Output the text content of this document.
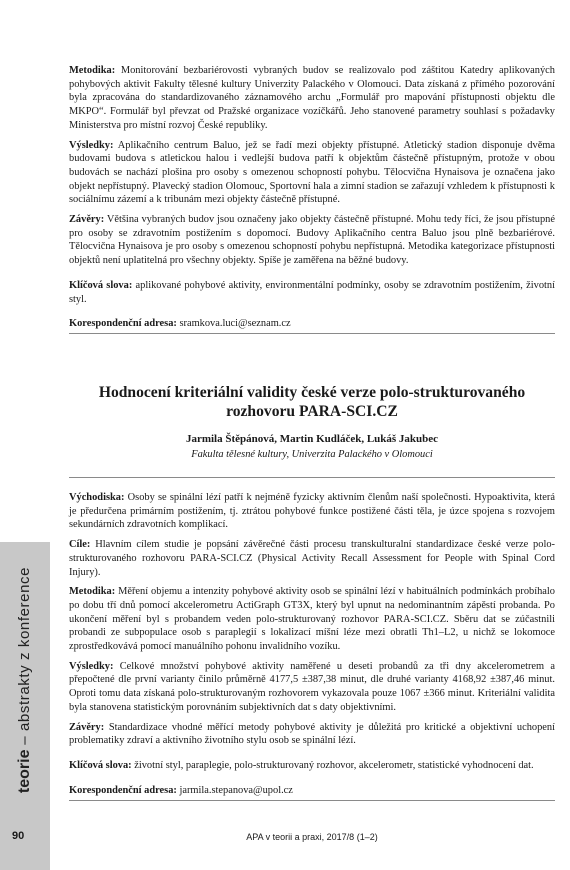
Metodika: Monitorování bezbariérovosti vybraných budov se realizovalo pod záštitou Katedry aplikovaných pohybových aktivit Fakulty tělesné kultury Univerzity Palackého v Olomouci. Data získaná z přímého pozorování byla zpracována do standardizovaného záznamového archu „Formulář pro mapování přístupnosti objektu dle MKPO“. Formulář byl převzat od Pražské organizace vozíčkářů. Jeho stanovené parametry souhlasí s požadavky Ministerstva pro místní rozvoj České republiky.

Výsledky: Aplikačního centrum Baluo, jež se řadí mezi objekty přístupné. Atletický stadion disponuje dvěma budovami budova s atletickou halou i vedlejší budova patří k objektům částečně přístupným, protože v obou budovách se nachází plošina pro osoby s omezenou schopností pohybu. Tělocvična Hynaisova je označena jako objekt nepřístupný. Plavecký stadion Olomouc, Sportovní hala a zimní stadion se zařazují vzhledem k přístupnosti k sociálnímu zázemí a k tribunám mezi objekty částečně přístupné.

Závěry: Většina vybraných budov jsou označeny jako objekty částečně přístupné. Mohu tedy říci, že jsou přístupné pro osoby se zdravotním postižením s dopomocí. Budovy Aplikačního centra Baluo jsou plně bezbariérové. Tělocvična Hynaisova je pro osoby s omezenou schopností pohybu nepřístupná. Metodika kategorizace přístupnosti objektů není uplatitelná pro všechny objekty. Spíše je zaměřena na běžné budovy.

Klíčová slova: aplikované pohybové aktivity, environmentální podmínky, osoby se zdravotním postižením, životní styl.

Korespondenční adresa: sramkova.luci@seznam.cz

Hodnocení kriteriální validity české verze polo-strukturovaného rozhovoru PARA-SCI.CZ

Jarmila Štěpánová, Martin Kudláček, Lukáš Jakubec

Fakulta tělesné kultury, Univerzita Palackého v Olomouci

Východiska: Osoby se spinální lézí patří k nejméně fyzicky aktivním členům naší společnosti. Hypoaktivita, která je předurčena primárním postižením, tj. ztrátou pohybové funkce postižené části těla, je úzce spojena s rozvojem sekundárních zdravotních komplikací.

Cíle: Hlavním cílem studie je popsání závěrečné části procesu transkulturalní standardizace české verze polo-strukturovaného rozhovoru PARA-SCI.CZ (Physical Activity Recall Assessment for People with Spinal Cord Injury).

Metodika: Měření objemu a intenzity pohybové aktivity osob se spinální lézí v habituálních podmínkách probíhalo po dobu tří dnů pomocí akcelerometru ActiGraph GT3X, který byl upnut na nedominantním zápěstí probanda. Po ukončení měření byl s probandem veden polo-strukturovaný rozhovor PARA-SCI.CZ. Sběru dat se zúčastnili probandi ze subpopulace osob s paraplegií s lokalizací míšní léze mezi obratli Th1–L2, u nichž se lokomoce zprostředkovává pomocí manuálního pohonu invalidního vozíku.

Výsledky: Celkové množství pohybové aktivity naměřené u deseti probandů za tři dny akcelerometrem a přepočtené dle první varianty činilo průměrně 4177,5 ±387,38 minut, dle druhé varianty 4168,92 ±387,46 minut. Oproti tomu data získaná polo-strukturovaným rozhovorem vykazovala pouze 1067 ±366 minut. Kriteriální validita byla stanovena statistickým porovnáním subjektivních dat s daty objektivními.

Závěry: Standardizace vhodné měřící metody pohybové aktivity je důležitá pro kritické a objektivní uchopení problematiky zdraví a aktivního životního stylu osob se spinální lézí.

Klíčová slova: životní styl, paraplegie, polo-strukturovaný rozhovor, akcelerometr, statistické vyhodnocení dat.

Korespondenční adresa: jarmila.stepanova@upol.cz

teorie – abstrakty z konference
90	APA v teorii a praxi, 2017/8 (1–2)
